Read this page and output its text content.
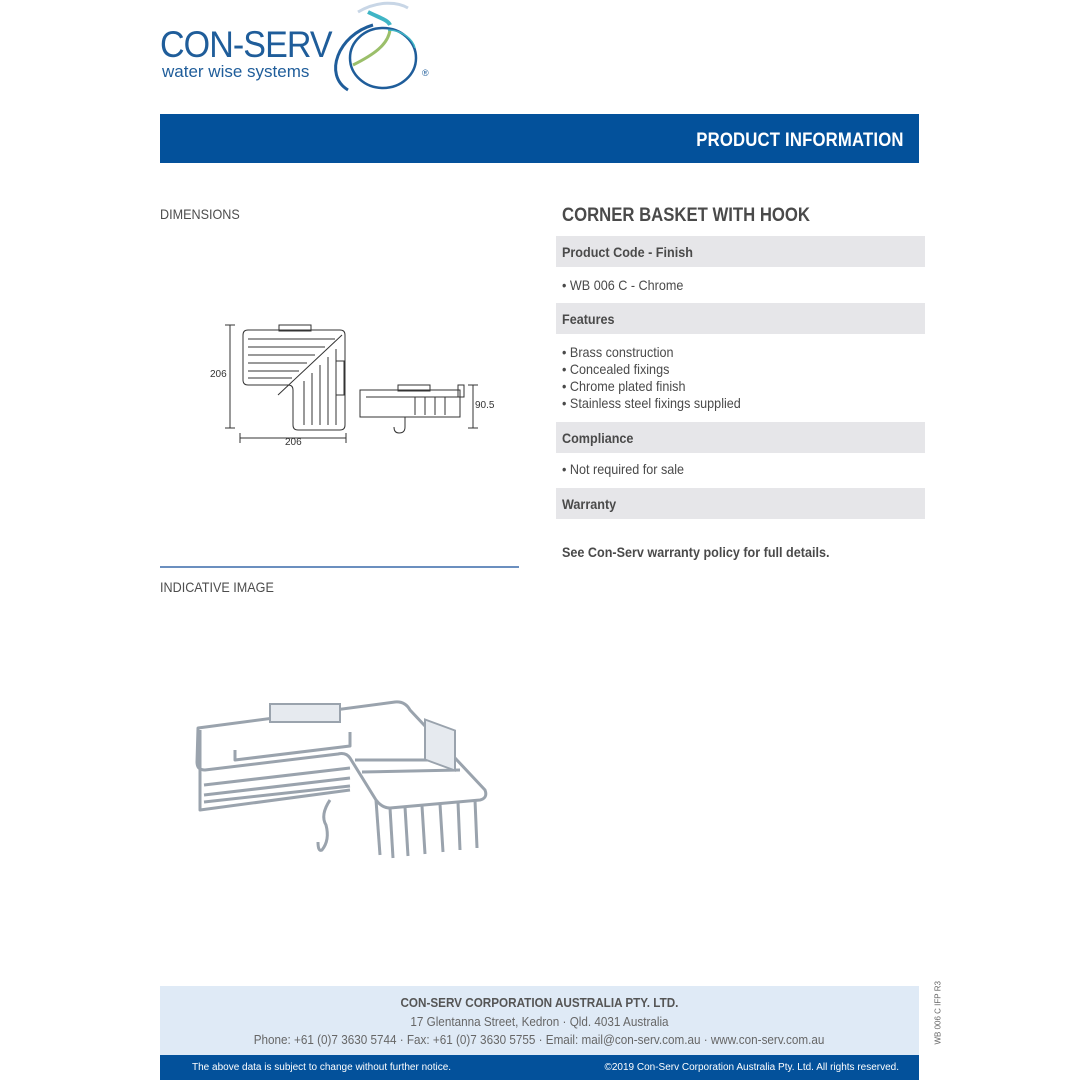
CON-SERV
water wise systems	®
PRODUCT INFORMATION
DIMENSIONS
206
206
90.5
INDICATIVE IMAGE
CORNER BASKET WITH HOOK
Product Code - Finish
• WB 006 C - Chrome
Features
• Brass construction
• Concealed fixings
• Chrome plated finish
• Stainless steel fixings supplied
Compliance
• Not required for sale
Warranty
See Con-Serv warranty policy for full details.
CON-SERV CORPORATION AUSTRALIA PTY. LTD.
17 Glentanna Street, Kedron · Qld. 4031 Australia
Phone: +61 (0)7 3630 5744 · Fax: +61 (0)7 3630 5755 · Email: mail@con-serv.com.au · www.con-serv.com.au
The above data is subject to change without further notice.	©2019 Con-Serv Corporation Australia Pty. Ltd. All rights reserved.
WB 006 C IFP R3
